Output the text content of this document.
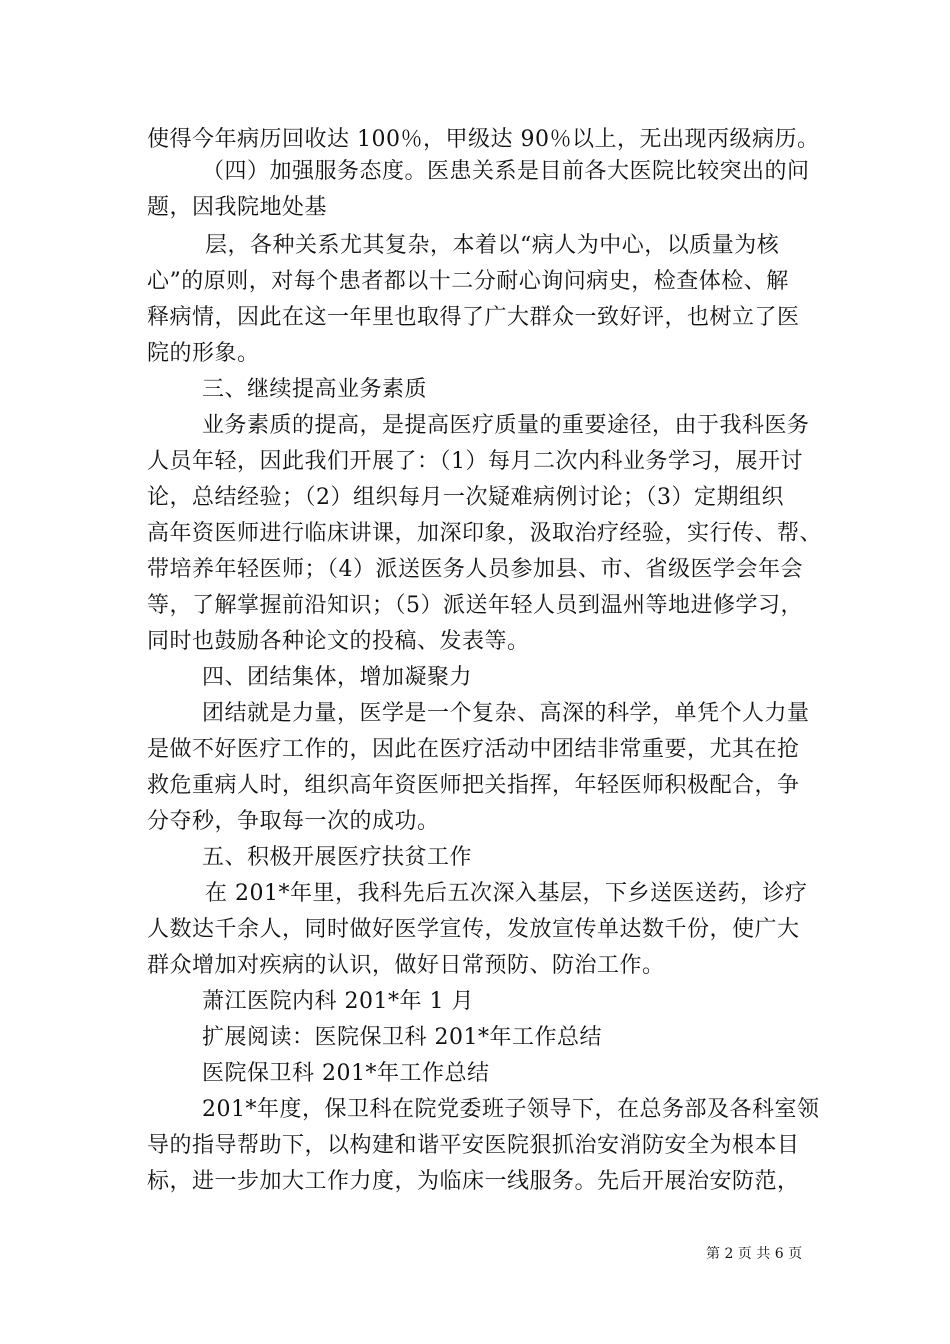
使得今年病历回收达 100％，甲级达 90％以上，无出现丙级病历。
（四）加强服务态度。医患关系是目前各大医院比较突出的问
题，因我院地处基
层，各种关系尤其复杂，本着以“病人为中心，以质量为核
心”的原则，对每个患者都以十二分耐心询问病史，检查体检、解
释病情，因此在这一年里也取得了广大群众一致好评，也树立了医
院的形象。
三、继续提高业务素质
业务素质的提高，是提高医疗质量的重要途径，由于我科医务
人员年轻，因此我们开展了：（1）每月二次内科业务学习，展开讨
论，总结经验；（2）组织每月一次疑难病例讨论；（3）定期组织
高年资医师进行临床讲课，加深印象，汲取治疗经验，实行传、帮、
带培养年轻医师；（4）派送医务人员参加县、市、省级医学会年会
等，了解掌握前沿知识；（5）派送年轻人员到温州等地进修学习，
同时也鼓励各种论文的投稿、发表等。
四、团结集体，增加凝聚力
团结就是力量，医学是一个复杂、高深的科学，单凭个人力量
是做不好医疗工作的，因此在医疗活动中团结非常重要，尤其在抢
救危重病人时，组织高年资医师把关指挥，年轻医师积极配合，争
分夺秒，争取每一次的成功。
五、积极开展医疗扶贫工作
在 201*年里，我科先后五次深入基层，下乡送医送药，诊疗
人数达千余人，同时做好医学宣传，发放宣传单达数千份，使广大
群众增加对疾病的认识，做好日常预防、防治工作。
萧江医院内科 201*年 1 月
扩展阅读：医院保卫科 201*年工作总结
医院保卫科 201*年工作总结
201*年度，保卫科在院党委班子领导下，在总务部及各科室领
导的指导帮助下，以构建和谐平安医院狠抓治安消防安全为根本目
标，进一步加大工作力度，为临床一线服务。先后开展治安防范，
第 2 页 共 6 页
